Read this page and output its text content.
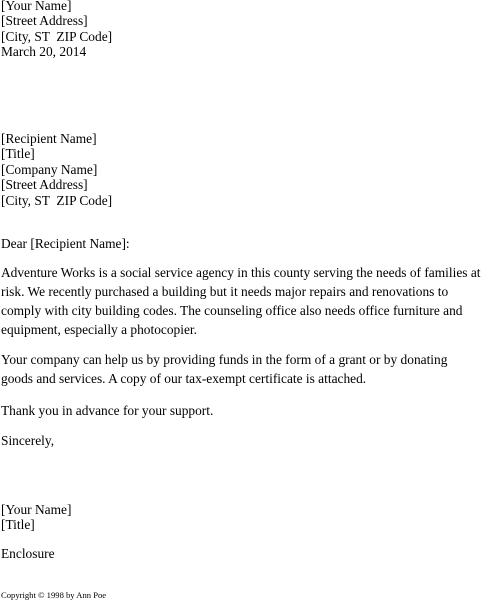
[Your Name]
[Street Address]
[City, ST  ZIP Code]
March 20, 2014
[Recipient Name]
[Title]
[Company Name]
[Street Address]
[City, ST  ZIP Code]
Dear [Recipient Name]:

Adventure Works is a social service agency in this county serving the needs of families at risk. We recently purchased a building but it needs major repairs and renovations to comply with city building codes. The counseling office also needs office furniture and equipment, especially a photocopier.

Your company can help us by providing funds in the form of a grant or by donating goods and services. A copy of our tax-exempt certificate is attached.

Thank you in advance for your support.

Sincerely,
[Your Name]
[Title]
Enclosure
Copyright © 1998 by Ann Poe
